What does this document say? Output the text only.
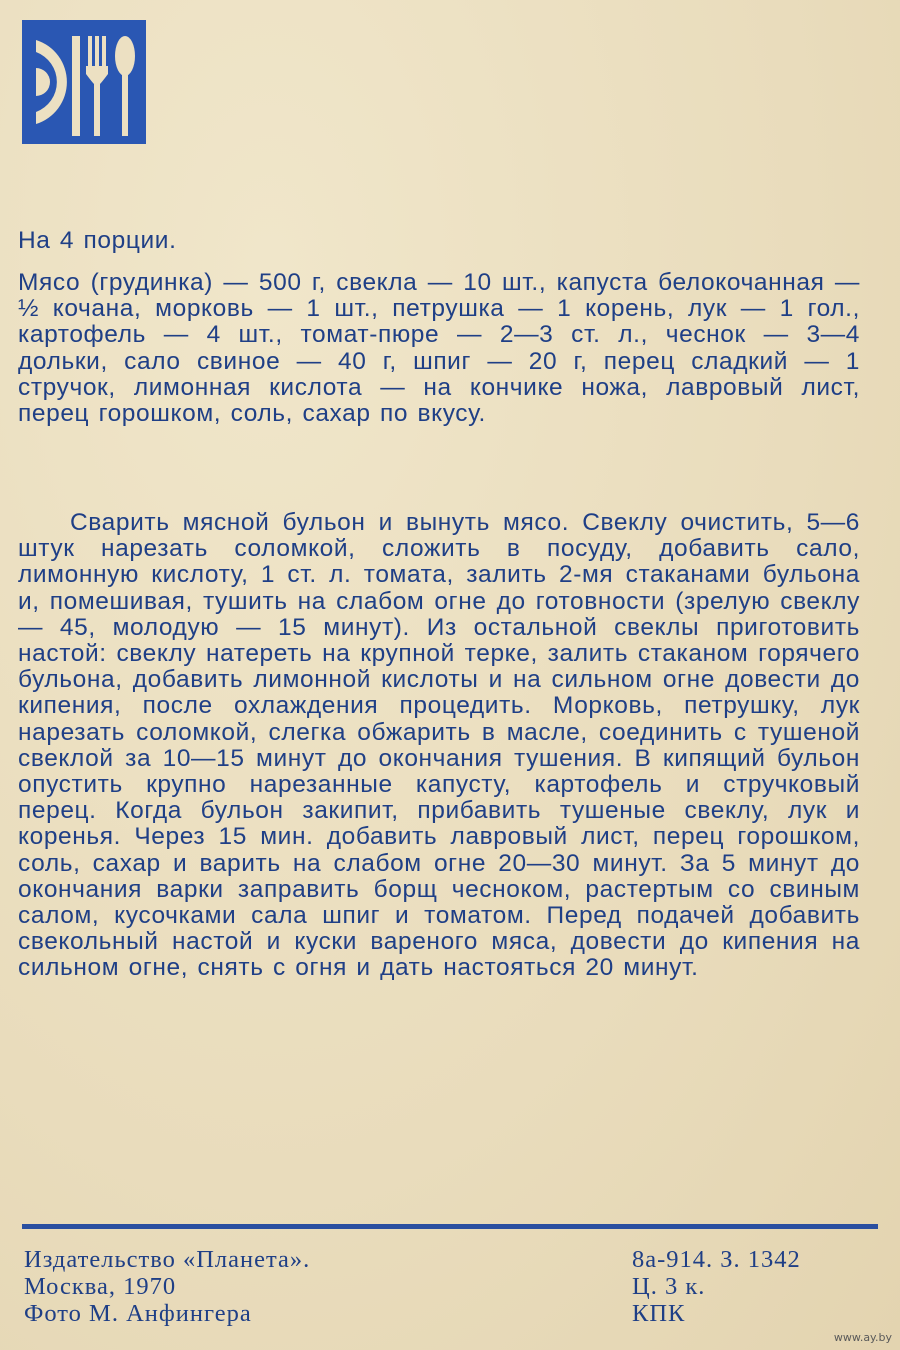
На 4 порции.
Мясо (грудинка) — 500 г, свекла — 10 шт., капуста белокочанная — ½ кочана, морковь — 1 шт., петрушка — 1 корень, лук — 1 гол., картофель — 4 шт., томат-пюре — 2—3 ст. л., чеснок — 3—4 дольки, сало свиное — 40 г, шпиг — 20 г, перец сладкий — 1 стручок, лимонная кислота — на кончике ножа, лавровый лист, перец горошком, соль, сахар по вкусу.
Сварить мясной бульон и вынуть мясо. Свеклу очистить, 5—6 штук нарезать соломкой, сложить в посуду, добавить сало, лимонную кислоту, 1 ст. л. томата, залить 2-мя стаканами бульона и, помешивая, тушить на слабом огне до готовности (зрелую свеклу — 45, молодую — 15 минут). Из остальной свеклы приготовить настой: свеклу натереть на крупной терке, залить стаканом горячего бульона, добавить лимонной кислоты и на сильном огне довести до кипения, после охлаждения процедить. Морковь, петрушку, лук нарезать соломкой, слегка обжарить в масле, соединить с тушеной свеклой за 10—15 минут до окончания тушения. В кипящий бульон опустить крупно нарезанные капусту, картофель и стручковый перец. Когда бульон закипит, прибавить тушеные свеклу, лук и коренья. Через 15 мин. добавить лавровый лист, перец горошком, соль, сахар и варить на слабом огне 20—30 минут. За 5 минут до окончания варки заправить борщ чесноком, растертым со свиным салом, кусочками сала шпиг и томатом. Перед подачей добавить свекольный настой и куски вареного мяса, довести до кипения на сильном огне, снять с огня и дать настояться 20 минут.
Издательство «Планета».
Москва, 1970
Фото М. Анфингера
8а-914. З. 1342
Ц. 3 к.
КПК
www.ay.by
